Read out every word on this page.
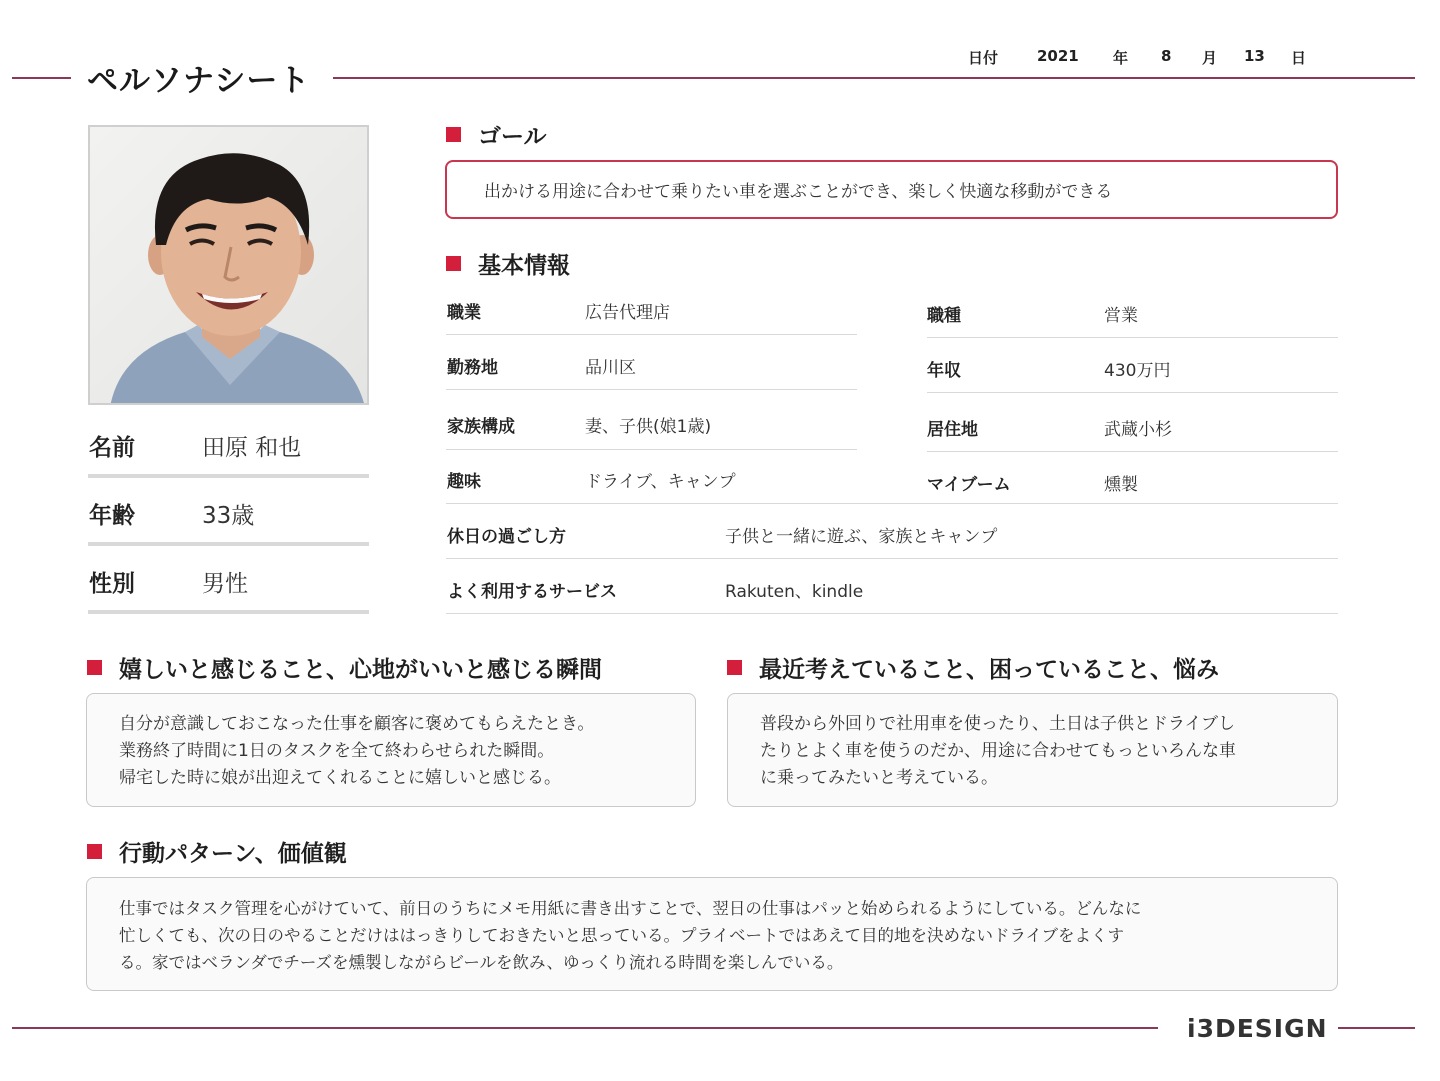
ペルソナシート
日付	2021 年 8 月 13 日
名前	田原 和也
年齢	33歳
性別	男性
ゴール
出かける用途に合わせて乗りたい車を選ぶことができ、楽しく快適な移動ができる
基本情報
職業	広告代理店	職種	営業
勤務地	品川区	年収	430万円
家族構成	妻、子供(娘1歳)	居住地	武蔵小杉
趣味	ドライブ、キャンプ	マイブーム	燻製
休日の過ごし方	子供と一緒に遊ぶ、家族とキャンプ
よく利用するサービス	Rakuten、kindle
嬉しいと感じること、心地がいいと感じる瞬間
自分が意識しておこなった仕事を顧客に褒めてもらえたとき。
業務終了時間に1日のタスクを全て終わらせられた瞬間。
帰宅した時に娘が出迎えてくれることに嬉しいと感じる。
最近考えていること、困っていること、悩み
普段から外回りで社用車を使ったり、土日は子供とドライブし
たりとよく車を使うのだか、用途に合わせてもっといろんな車
に乗ってみたいと考えている。
行動パターン、価値観
仕事ではタスク管理を心がけていて、前日のうちにメモ用紙に書き出すことで、翌日の仕事はパッと始められるようにしている。どんなに
忙しくても、次の日のやることだけははっきりしておきたいと思っている。プライベートではあえて目的地を決めないドライブをよくす
る。家ではベランダでチーズを燻製しながらビールを飲み、ゆっくり流れる時間を楽しんでいる。
i3DESIGN
